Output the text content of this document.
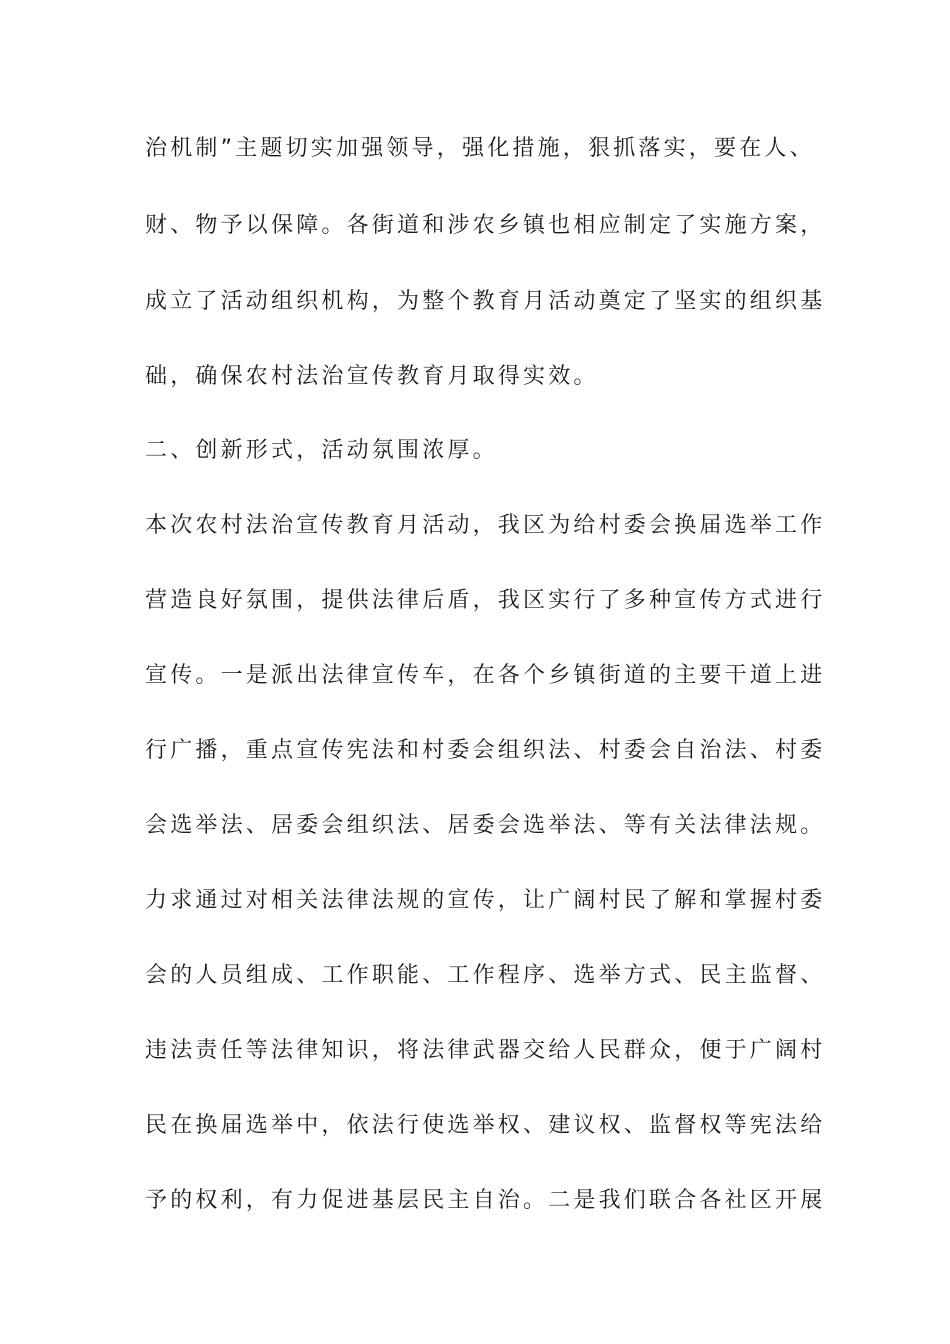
治机制”主题切实加强领导，强化措施，狠抓落实，要在人、
财、物予以保障。各街道和涉农乡镇也相应制定了实施方案，
成立了活动组织机构，为整个教育月活动奠定了坚实的组织基
础，确保农村法治宣传教育月取得实效。
二、创新形式，活动氛围浓厚。
本次农村法治宣传教育月活动，我区为给村委会换届选举工作
营造良好氛围，提供法律后盾，我区实行了多种宣传方式进行
宣传。一是派出法律宣传车，在各个乡镇街道的主要干道上进
行广播，重点宣传宪法和村委会组织法、村委会自治法、村委
会选举法、居委会组织法、居委会选举法、等有关法律法规。
力求通过对相关法律法规的宣传，让广阔村民了解和掌握村委
会的人员组成、工作职能、工作程序、选举方式、民主监督、
违法责任等法律知识，将法律武器交给人民群众，便于广阔村
民在换届选举中，依法行使选举权、建议权、监督权等宪法给
予的权利，有力促进基层民主自治。二是我们联合各社区开展
